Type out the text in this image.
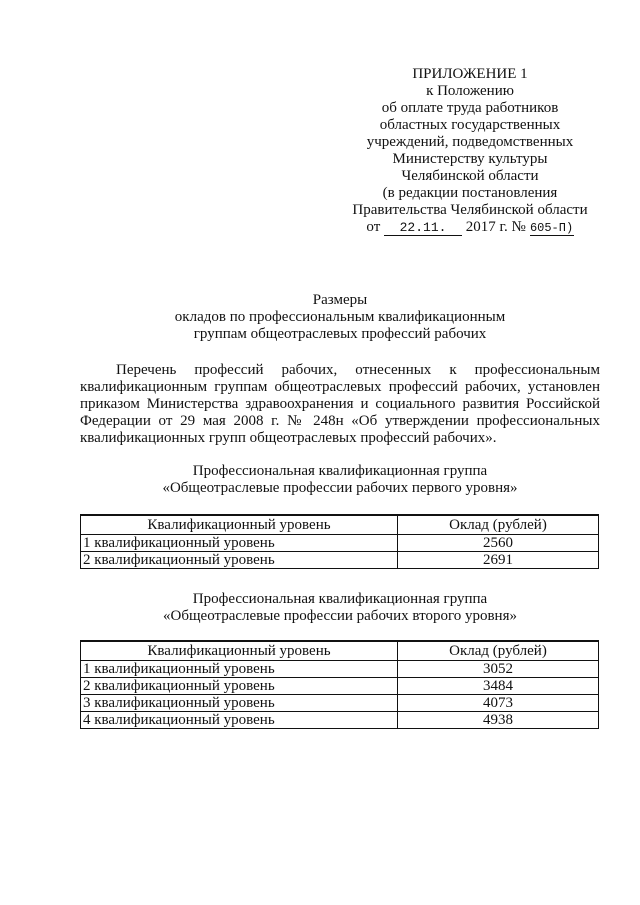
ПРИЛОЖЕНИЕ 1
к Положению
об оплате труда работников
областных государственных
учреждений, подведомственных
Министерству культуры
Челябинской области
(в редакции постановления
Правительства Челябинской области
от 22.11. 2017 г. № 605-П)
Размеры
окладов по профессиональным квалификационным
группам общеотраслевых профессий рабочих
Перечень профессий рабочих, отнесенных к профессиональным квалификационным группам общеотраслевых профессий рабочих, установлен приказом Министерства здравоохранения и социального развития Российской Федерации от 29 мая 2008 г. № 248н «Об утверждении профессиональных квалификационных групп общеотраслевых профессий рабочих».
Профессиональная квалификационная группа
«Общеотраслевые профессии рабочих первого уровня»
Квалификационный уровень	Оклад (рублей)
1 квалификационный уровень	2560
2 квалификационный уровень	2691
Профессиональная квалификационная группа
«Общеотраслевые профессии рабочих второго уровня»
Квалификационный уровень	Оклад (рублей)
1 квалификационный уровень	3052
2 квалификационный уровень	3484
3 квалификационный уровень	4073
4 квалификационный уровень	4938
